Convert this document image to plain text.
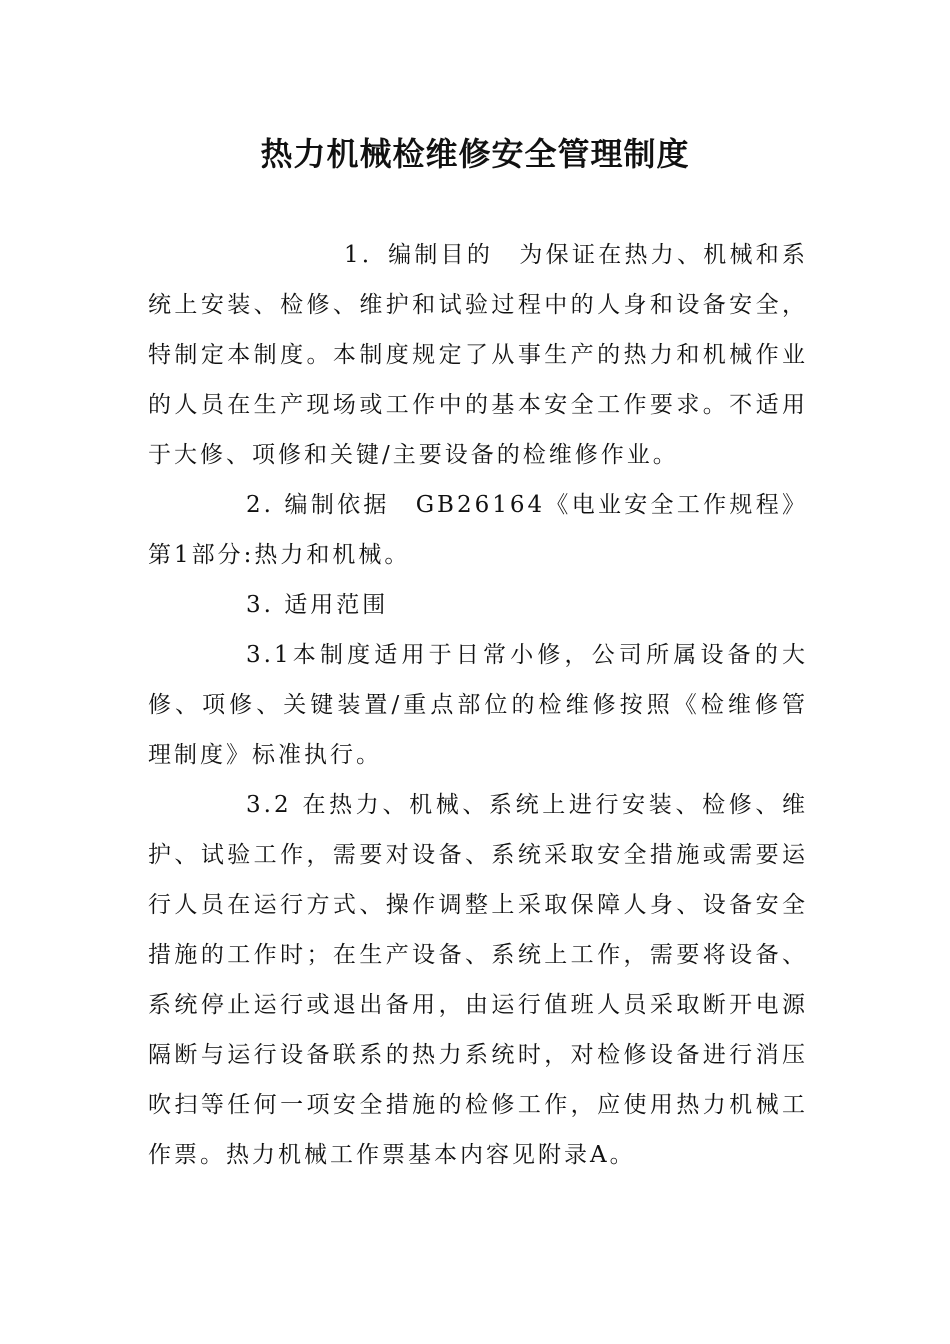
热力机械检维修安全管理制度

1．编制目的 为保证在热力、机械和系统上安装、检修、维护和试验过程中的人身和设备安全，特制定本制度。本制度规定了从事生产的热力和机械作业的人员在生产现场或工作中的基本安全工作要求。不适用于大修、项修和关键/主要设备的检维修作业。

2. 编制依据 GB26164《电业安全工作规程》第1部分:热力和机械。

3. 适用范围

3.1本制度适用于日常小修，公司所属设备的大修、项修、关键装置/重点部位的检维修按照《检维修管理制度》标准执行。

3.2 在热力、机械、系统上进行安装、检修、维护、试验工作，需要对设备、系统采取安全措施或需要运行人员在运行方式、操作调整上采取保障人身、设备安全措施的工作时；在生产设备、系统上工作，需要将设备、系统停止运行或退出备用，由运行值班人员采取断开电源隔断与运行设备联系的热力系统时，对检修设备进行消压吹扫等任何一项安全措施的检修工作，应使用热力机械工作票。热力机械工作票基本内容见附录A。
